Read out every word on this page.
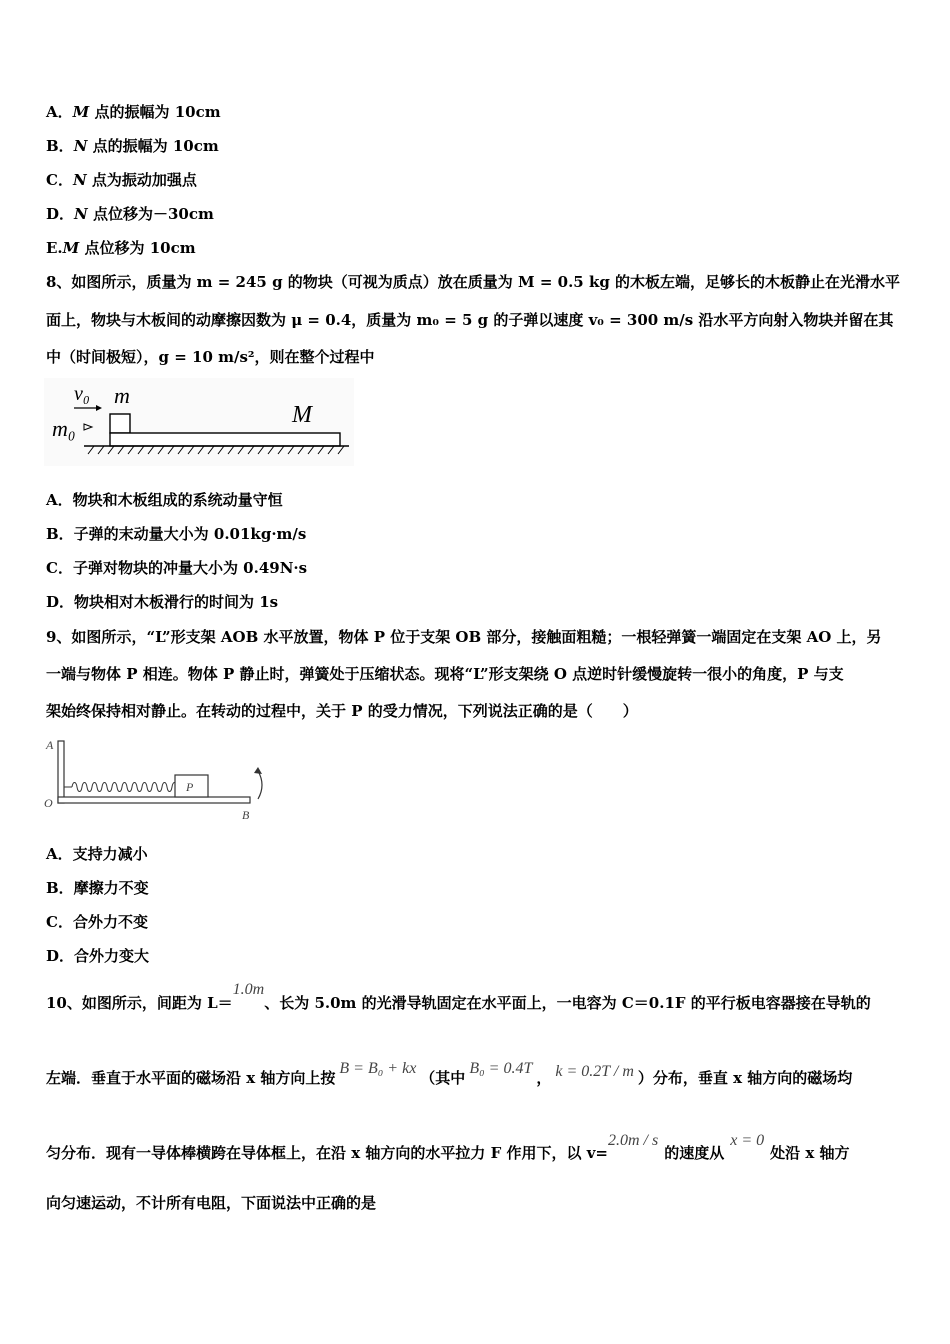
A．M 点的振幅为 10cm
B．N 点的振幅为 10cm
C．N 点为振动加强点
D．N 点位移为－30cm
E.M 点位移为 10cm
8、如图所示，质量为 m = 245 g 的物块（可视为质点）放在质量为 M = 0.5 kg 的木板左端，足够长的木板静止在光滑水平
面上，物块与木板间的动摩擦因数为 μ = 0.4，质量为 m₀ = 5 g 的子弹以速度 v₀ = 300 m/s 沿水平方向射入物块并留在其
中（时间极短），g = 10 m/s²，则在整个过程中
v₀ m
m₀
M
A．物块和木板组成的系统动量守恒
B．子弹的末动量大小为 0.01kg·m/s
C．子弹对物块的冲量大小为 0.49N·s
D．物块相对木板滑行的时间为 1s
9、如图所示，“L”形支架 AOB 水平放置，物体 P 位于支架 OB 部分，接触面粗糙；一根轻弹簧一端固定在支架 AO 上，另
一端与物体 P 相连。物体 P 静止时，弹簧处于压缩状态。现将“L”形支架绕 O 点逆时针缓慢旋转一很小的角度，P 与支
架始终保持相对静止。在转动的过程中，关于 P 的受力情况，下列说法正确的是（　　）
A
O
B
P
A．支持力减小
B．摩擦力不变
C．合外力不变
D．合外力变大
10、如图所示，间距为 L＝1.0m、长为 5.0m 的光滑导轨固定在水平面上，一电容为 C＝0.1F 的平行板电容器接在导轨的
左端．垂直于水平面的磁场沿 x 轴方向上按B = B₀ + kx（其中B₀ = 0.4T， k = 0.2T / m ）分布，垂直 x 轴方向的磁场均
匀分布．现有一导体棒横跨在导体框上，在沿 x 轴方向的水平拉力 F 作用下，以 v=2.0m / s的速度从x = 0处沿 x 轴方
向匀速运动，不计所有电阻，下面说法中正确的是
